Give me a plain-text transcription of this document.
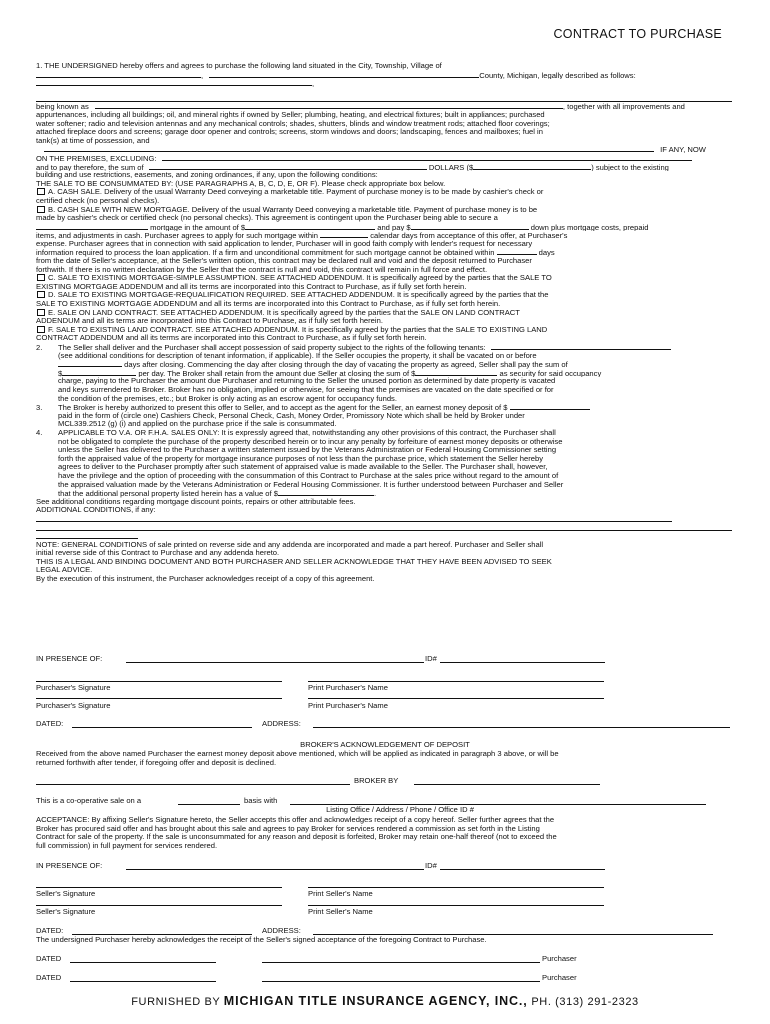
CONTRACT TO PURCHASE
1. THE UNDERSIGNED hereby offers and agrees to purchase the following land situated in the City, Township, Village of
,	County, Michigan, legally described as follows:
,
being known as	, together with all improvements and
appurtenances, including all buildings; oil, and mineral rights if owned by Seller; plumbing, heating, and electrical fixtures; built in appliances; purchased
water softener; radio and television antennas and any mechanical controls; shades, shutters, blinds and window treatment rods; attached floor coverings;
attached fireplace doors and screens; garage door opener and controls; screens, storm windows and doors; landscaping, fences and mailboxes; fuel in
tank(s) at time of possession, and
IF ANY, NOW
ON THE PREMISES, EXCLUDING:
and to pay therefore, the sum of	DOLLARS ($	) subject to the existing
building and use restrictions, easements, and zoning ordinances, if any, upon the following conditions:
THE SALE TO BE CONSUMMATED BY: (USE PARAGRAPHS A, B, C, D, E, OR F). Please check appropriate box below.
A. CASH SALE. Delivery of the usual Warranty Deed conveying a marketable title. Payment of purchase money is to be made by cashier's check or
certified check (no personal checks).
B. CASH SALE WITH NEW MORTGAGE. Delivery of the usual Warranty Deed conveying a marketable title. Payment of purchase money is to be
made by cashier's check or certified check (no personal checks). This agreement is contingent upon the Purchaser being able to secure a
mortgage in the amount of $	and pay $	down plus mortgage costs, prepaid
items, and adjustments in cash. Purchaser agrees to apply for such mortgage within	calendar days from acceptance of this offer, at Purchaser's
expense. Purchaser agrees that in connection with said application to lender, Purchaser will in good faith comply with lender's request for necessary
information required to process the loan application. If a firm and unconditional commitment for such mortgage cannot be obtained within	days
from the date of Seller's acceptance, at the Seller's written option, this contract may be declared null and void and the deposit returned to Purchaser
forthwith. If there is no written declaration by the Seller that the contract is null and void, this contract will remain in full force and effect.
C. SALE TO EXISTING MORTGAGE-SIMPLE ASSUMPTION. SEE ATTACHED ADDENDUM. It is specifically agreed by the parties that the SALE TO
EXISTING MORTGAGE ADDENDUM and all its terms are incorporated into this Contract to Purchase, as if fully set forth herein.
D. SALE TO EXISTING MORTGAGE-REQUALIFICATION REQUIRED. SEE ATTACHED ADDENDUM. It is specifically agreed by the parties that the
SALE TO EXISTING MORTGAGE ADDENDUM and all its terms are incorporated into this Contract to Purchase, as if fully set forth herein.
E. SALE ON LAND CONTRACT. SEE ATTACHED ADDENDUM. It is specifically agreed by the parties that the SALE ON LAND CONTRACT
ADDENDUM and all its terms are incorporated into this Contract to Purchase, as if fully set forth herein.
F. SALE TO EXISTING LAND CONTRACT. SEE ATTACHED ADDENDUM. It is specifically agreed by the parties that the SALE TO EXISTING LAND
CONTRACT ADDENDUM and all its terms are incorporated into this Contract to Purchase, as if fully set forth herein.
2. The Seller shall deliver and the Purchaser shall accept possession of said property subject to the rights of the following tenants:
(see additional conditions for description of tenant information, if applicable). If the Seller occupies the property, it shall be vacated on or before
days after closing. Commencing the day after closing through the day of vacating the property as agreed, Seller shall pay the sum of
$	per day. The Broker shall retain from the amount due Seller at closing the sum of $	as security for said occupancy
charge, paying to the Purchaser the amount due Purchaser and returning to the Seller the unused portion as determined by date property is vacated
and keys surrendered to Broker. Broker has no obligation, implied or otherwise, for seeing that the premises are vacated on the date specified or for
the condition of the premises, etc.; but Broker is only acting as an escrow agent for occupancy funds.
3. The Broker is hereby authorized to present this offer to Seller, and to accept as the agent for the Seller, an earnest money deposit of $
paid in the form of (circle one) Cashiers Check, Personal Check, Cash, Money Order, Promissory Note which shall be held by Broker under
MCL339.2512 (g) (i) and applied on the purchase price if the sale is consummated.
4. APPLICABLE TO V.A. OR F.H.A. SALES ONLY: It is expressly agreed that, notwithstanding any other provisions of this contract, the Purchaser shall
not be obligated to complete the purchase of the property described herein or to incur any penalty by forfeiture of earnest money deposits or otherwise
unless the Seller has delivered to the Purchaser a written statement issued by the Veterans Administration or Federal Housing Commissioner setting
forth the appraised value of the property for mortgage insurance purposes of not less than the purchase price, which statement the Seller hereby
agrees to deliver to the Purchaser promptly after such statement of appraised value is made available to the Seller. The Purchaser shall, however,
have the privilege and the option of proceeding with the consummation of this Contract to Purchase at the sales price without regard to the amount of
the appraised valuation made by the Veterans Administration or Federal Housing Commissioner. It is further understood between Purchaser and Seller
that the additional personal property listed herein has a value of $	.
See additional conditions regarding mortgage discount points, repairs or other attributable fees.
ADDITIONAL CONDITIONS, if any:
NOTE: GENERAL CONDITIONS of sale printed on reverse side and any addenda are incorporated and made a part hereof. Purchaser and Seller shall
initial reverse side of this Contract to Purchase and any addenda hereto.
THIS IS A LEGAL AND BINDING DOCUMENT AND BOTH PURCHASER AND SELLER ACKNOWLEDGE THAT THEY HAVE BEEN ADVISED TO SEEK
LEGAL ADVICE.
By the execution of this instrument, the Purchaser acknowledges receipt of a copy of this agreement.
IN PRESENCE OF:	ID#
Purchaser's Signature	Print Purchaser's Name
Purchaser's Signature	Print Purchaser's Name
DATED:	ADDRESS:
BROKER'S ACKNOWLEDGEMENT OF DEPOSIT
Received from the above named Purchaser the earnest money deposit above mentioned, which will be applied as indicated in paragraph 3 above, or will be
returned forthwith after tender, if foregoing offer and deposit is declined.
BROKER BY
This is a co-operative sale on a	basis with
Listing Office / Address / Phone / Office ID #
ACCEPTANCE: By affixing Seller's Signature hereto, the Seller accepts this offer and acknowledges receipt of a copy hereof. Seller further agrees that the
Broker has procured said offer and has brought about this sale and agrees to pay Broker for services rendered a commission as set forth in the Listing
Contract for sale of the property. If the sale is unconsummated for any reason and deposit is forfeited, Broker may retain one-half thereof (not to exceed the
full commission) in full payment for services rendered.
IN PRESENCE OF:	ID#
Seller's Signature	Print Seller's Name
Seller's Signature	Print Seller's Name
DATED:	ADDRESS:
The undersigned Purchaser hereby acknowledges the receipt of the Seller's signed acceptance of the foregoing Contract to Purchase.
DATED	Purchaser
DATED	Purchaser
FURNISHED BY MICHIGAN TITLE INSURANCE AGENCY, INC., PH. (313) 291-2323
